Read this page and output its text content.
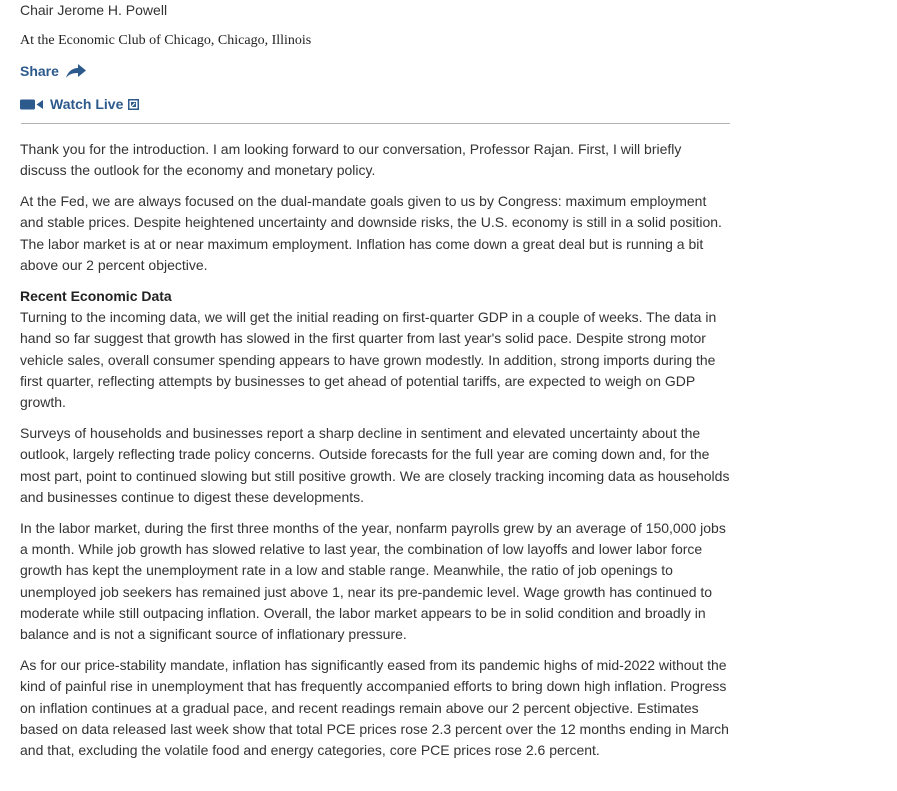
Chair Jerome H. Powell
At the Economic Club of Chicago, Chicago, Illinois
Share
Watch Live

Thank you for the introduction. I am looking forward to our conversation, Professor Rajan. First, I will briefly discuss the outlook for the economy and monetary policy.

At the Fed, we are always focused on the dual-mandate goals given to us by Congress: maximum employment and stable prices. Despite heightened uncertainty and downside risks, the U.S. economy is still in a solid position. The labor market is at or near maximum employment. Inflation has come down a great deal but is running a bit above our 2 percent objective.

Recent Economic Data
Turning to the incoming data, we will get the initial reading on first-quarter GDP in a couple of weeks. The data in hand so far suggest that growth has slowed in the first quarter from last year's solid pace. Despite strong motor vehicle sales, overall consumer spending appears to have grown modestly. In addition, strong imports during the first quarter, reflecting attempts by businesses to get ahead of potential tariffs, are expected to weigh on GDP growth.

Surveys of households and businesses report a sharp decline in sentiment and elevated uncertainty about the outlook, largely reflecting trade policy concerns. Outside forecasts for the full year are coming down and, for the most part, point to continued slowing but still positive growth. We are closely tracking incoming data as households and businesses continue to digest these developments.

In the labor market, during the first three months of the year, nonfarm payrolls grew by an average of 150,000 jobs a month. While job growth has slowed relative to last year, the combination of low layoffs and lower labor force growth has kept the unemployment rate in a low and stable range. Meanwhile, the ratio of job openings to unemployed job seekers has remained just above 1, near its pre-pandemic level. Wage growth has continued to moderate while still outpacing inflation. Overall, the labor market appears to be in solid condition and broadly in balance and is not a significant source of inflationary pressure.

As for our price-stability mandate, inflation has significantly eased from its pandemic highs of mid-2022 without the kind of painful rise in unemployment that has frequently accompanied efforts to bring down high inflation. Progress on inflation continues at a gradual pace, and recent readings remain above our 2 percent objective. Estimates based on data released last week show that total PCE prices rose 2.3 percent over the 12 months ending in March and that, excluding the volatile food and energy categories, core PCE prices rose 2.6 percent.
